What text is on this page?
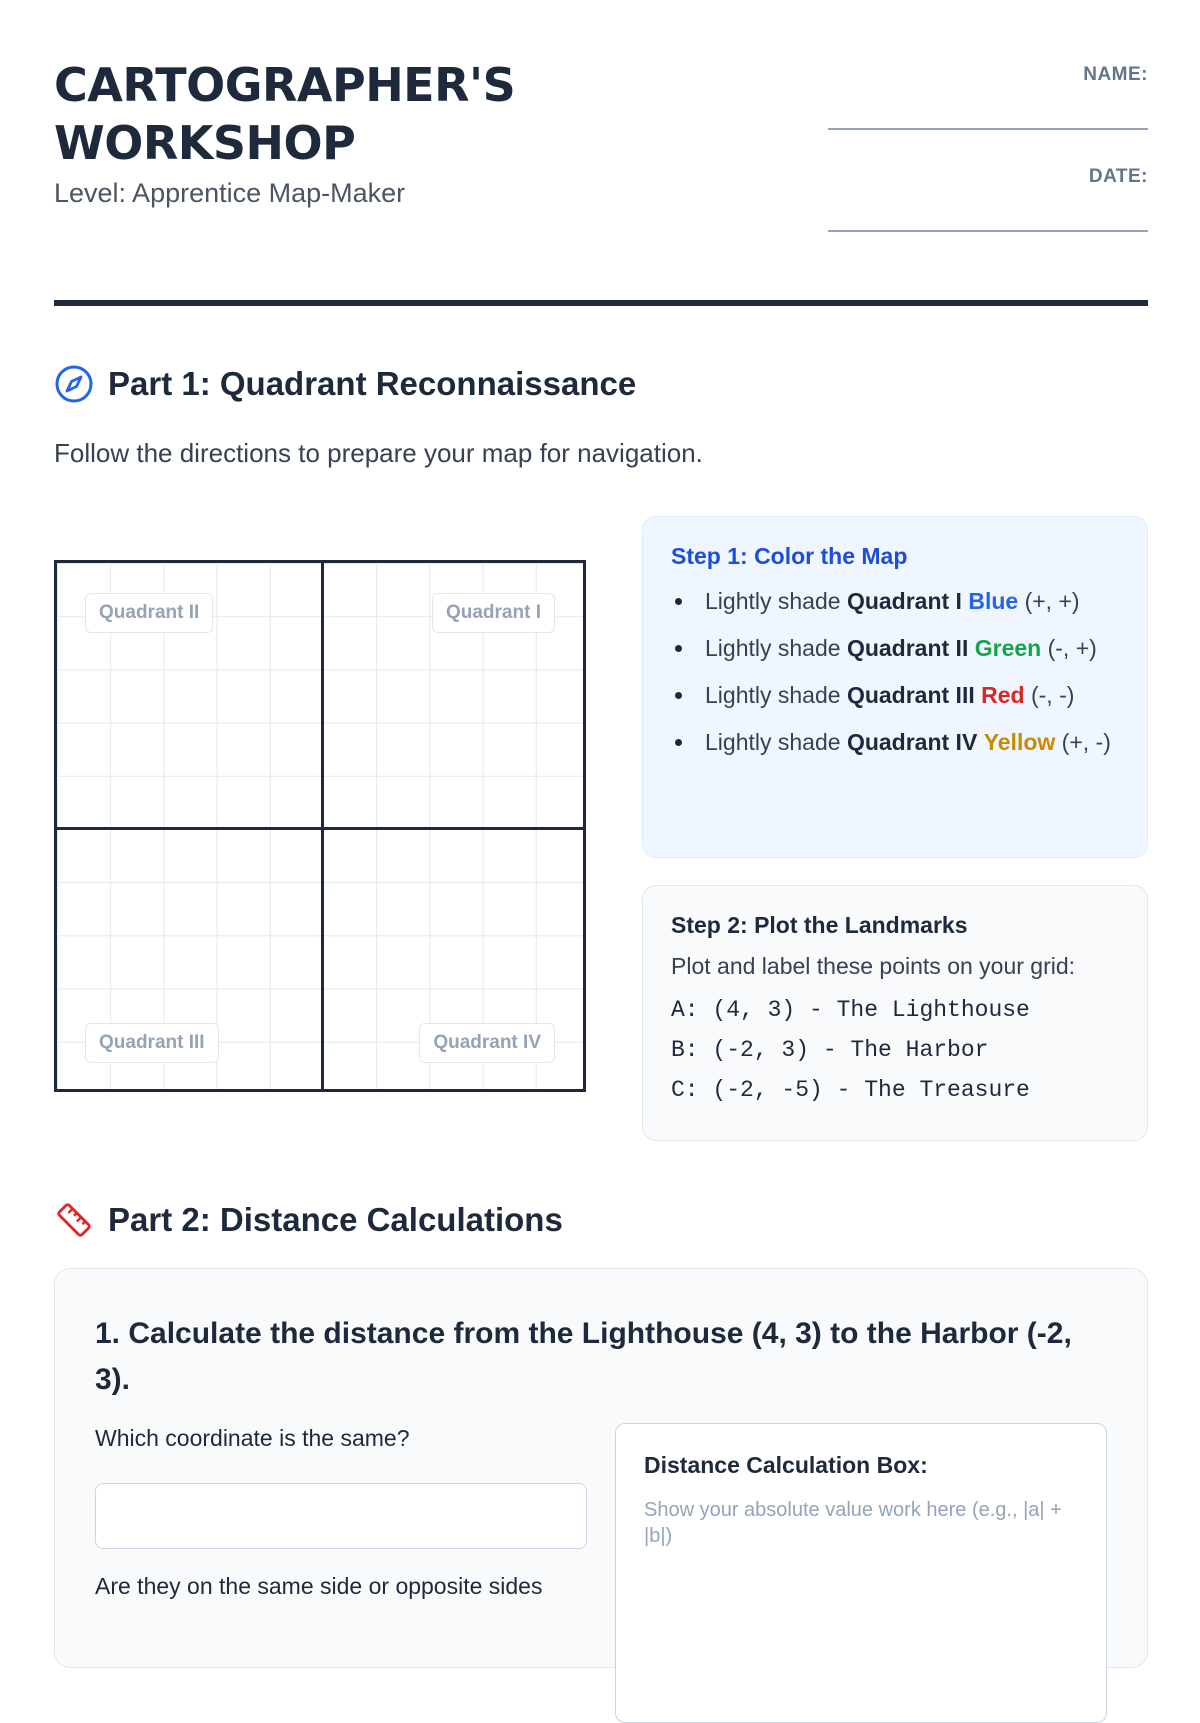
CARTOGRAPHER'S
WORKSHOP
Level: Apprentice Map-Maker
NAME:
DATE:
Part 1: Quadrant Reconnaissance
Follow the directions to prepare your map for navigation.
Quadrant II	Quadrant I
Quadrant III	Quadrant IV
Step 1: Color the Map
Lightly shade Quadrant I Blue (+, +)
Lightly shade Quadrant II Green (-, +)
Lightly shade Quadrant III Red (-, -)
Lightly shade Quadrant IV Yellow (+, -)
Step 2: Plot the Landmarks

Plot and label these points on your grid:

A: (4, 3) - The Lighthouse
B: (-2, 3) - The Harbor
C: (-2, -5) - The Treasure
Part 2: Distance Calculations
1. Calculate the distance from the Lighthouse (4, 3) to the Harbor (-2, 3).
Which coordinate is the same?
Are they on the same side or opposite sides
Distance Calculation Box:
Show your absolute value work here (e.g., |a| + |b|)
